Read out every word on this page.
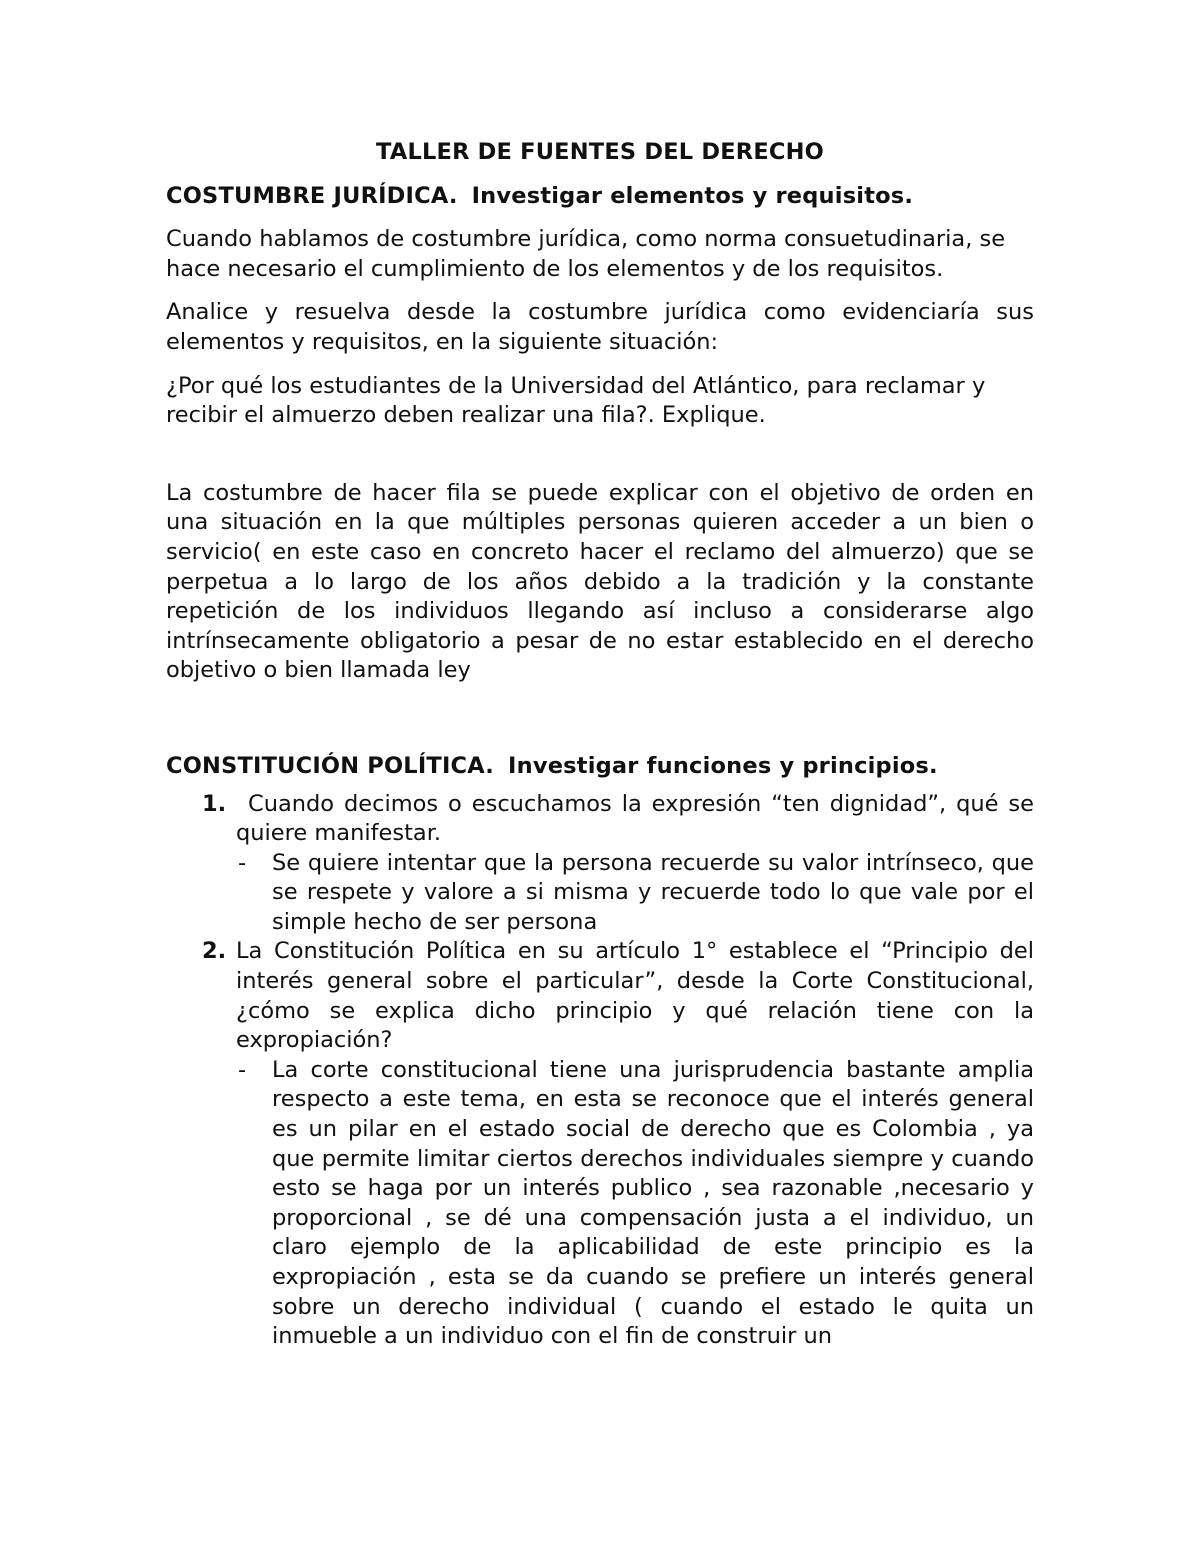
TALLER DE FUENTES DEL DERECHO
COSTUMBRE JURÍDICA. Investigar elementos y requisitos.

Cuando hablamos de costumbre jurídica, como norma consuetudinaria, se hace necesario el cumplimiento de los elementos y de los requisitos.

Analice y resuelva desde la costumbre jurídica como evidenciaría sus elementos y requisitos, en la siguiente situación:

¿Por qué los estudiantes de la Universidad del Atlántico, para reclamar y recibir el almuerzo deben realizar una fila?. Explique.

La costumbre de hacer fila se puede explicar con el objetivo de orden en una situación en la que múltiples personas quieren acceder a un bien o servicio( en este caso en concreto hacer el reclamo del almuerzo) que se perpetua a lo largo de los años debido a la tradición y la constante repetición de los individuos llegando así incluso a considerarse algo intrínsecamente obligatorio a pesar de no estar establecido en el derecho objetivo o bien llamada ley

CONSTITUCIÓN POLÍTICA. Investigar funciones y principios.
1. Cuando decimos o escuchamos la expresión “ten dignidad”, qué se quiere manifestar.
- Se quiere intentar que la persona recuerde su valor intrínseco, que se respete y valore a si misma y recuerde todo lo que vale por el simple hecho de ser persona
2. La Constitución Política en su artículo 1° establece el “Principio del interés general sobre el particular”, desde la Corte Constitucional, ¿cómo se explica dicho principio y qué relación tiene con la expropiación?
- La corte constitucional tiene una jurisprudencia bastante amplia respecto a este tema, en esta se reconoce que el interés general es un pilar en el estado social de derecho que es Colombia , ya que permite limitar ciertos derechos individuales siempre y cuando esto se haga por un interés publico , sea razonable ,necesario y proporcional , se dé una compensación justa a el individuo, un claro ejemplo de la aplicabilidad de este principio es la expropiación , esta se da cuando se prefiere un interés general sobre un derecho individual ( cuando el estado le quita un inmueble a un individuo con el fin de construir un
